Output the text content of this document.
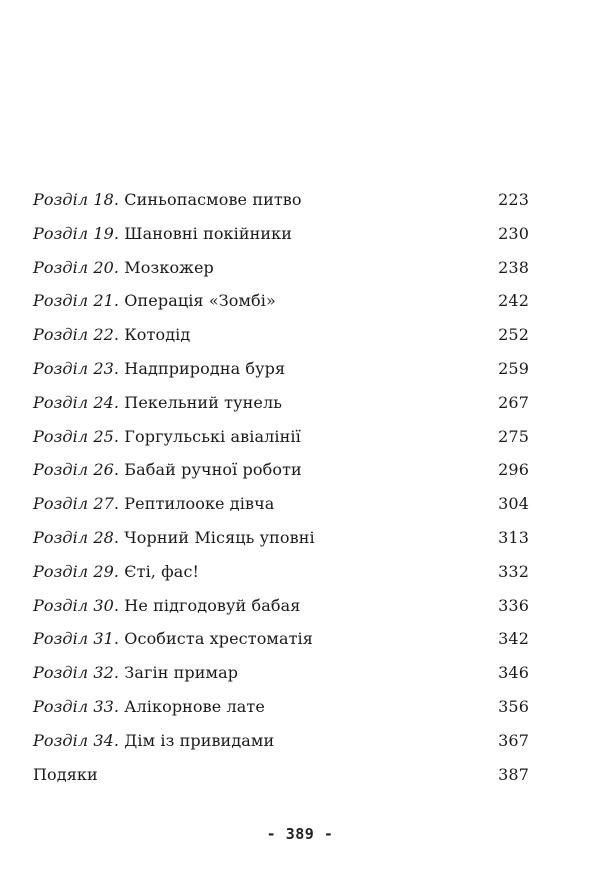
Розділ 18. Синьопасмове питво	223
Розділ 19. Шановні покійники	230
Розділ 20. Мозкожер	238
Розділ 21. Операція «Зомбі»	242
Розділ 22. Котодід	252
Розділ 23. Надприродна буря	259
Розділ 24. Пекельний тунель	267
Розділ 25. Горгульські авіалінії	275
Розділ 26. Бабай ручної роботи	296
Розділ 27. Рептилооке дівча	304
Розділ 28. Чорний Місяць уповні	313
Розділ 29. Єті, фас!	332
Розділ 30. Не підгодовуй бабая	336
Розділ 31. Особиста хрестоматія	342
Розділ 32. Загін примар	346
Розділ 33. Алікорнове лате	356
Розділ 34. Дім із привидами	367
Подяки	387
- 389 -
